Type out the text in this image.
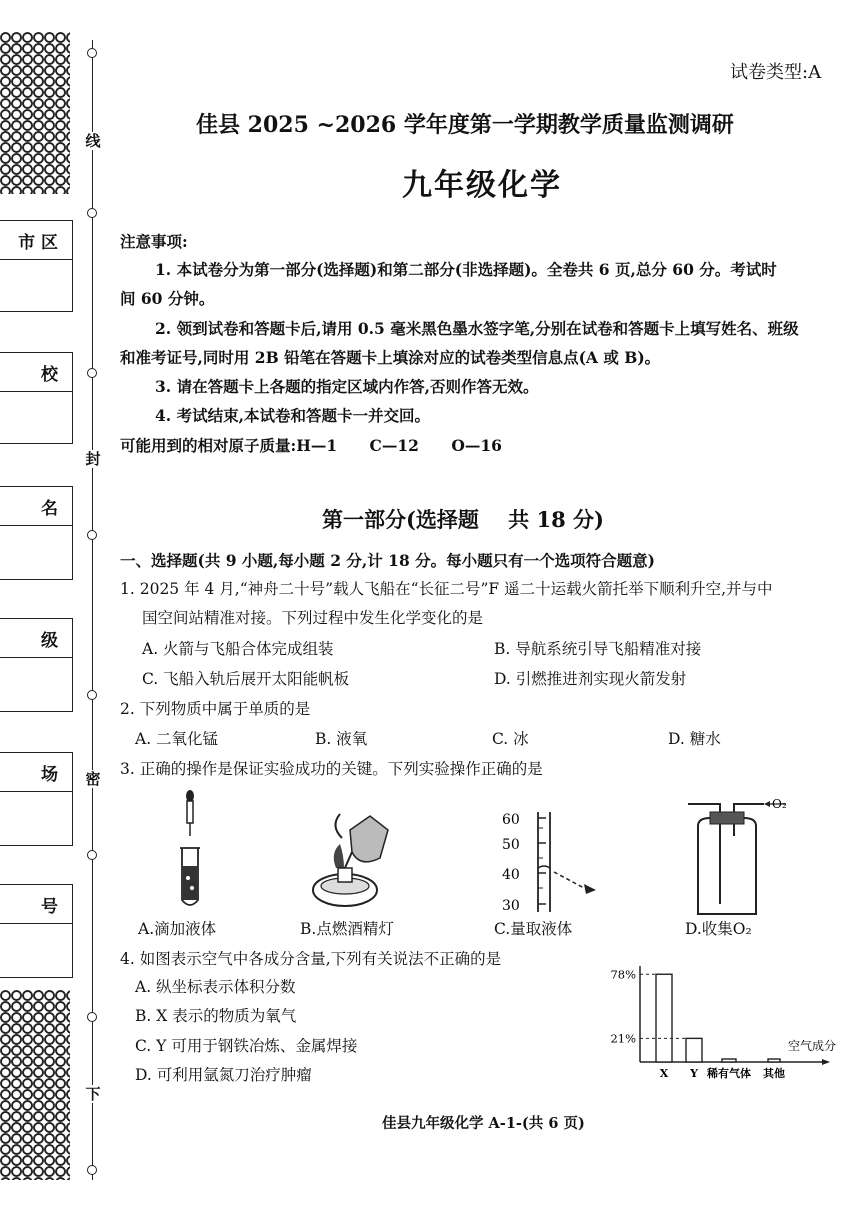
线
封
密
下
市 区
校
名
级
场
号
试卷类型:A
佳县 2025 ~2026 学年度第一学期教学质量监测调研
九年级化学
注意事项:
1. 本试卷分为第一部分(选择题)和第二部分(非选择题)。全卷共 6 页,总分 60 分。考试时
间 60 分钟。
2. 领到试卷和答题卡后,请用 0.5 毫米黑色墨水签字笔,分别在试卷和答题卡上填写姓名、班级
和准考证号,同时用 2B 铅笔在答题卡上填涂对应的试卷类型信息点(A 或 B)。
3. 请在答题卡上各题的指定区域内作答,否则作答无效。
4. 考试结束,本试卷和答题卡一并交回。
可能用到的相对原子质量:H—1      C—12      O—16
第一部分(选择题    共 18 分)
一、选择题(共 9 小题,每小题 2 分,计 18 分。每小题只有一个选项符合题意)
1. 2025 年 4 月,“神舟二十号”载人飞船在“长征二号”F 遥二十运载火箭托举下顺利升空,并与中
国空间站精准对接。下列过程中发生化学变化的是
A. 火箭与飞船合体完成组装	B. 导航系统引导飞船精准对接
C. 飞船入轨后展开太阳能帆板	D. 引燃推进剂实现火箭发射
2. 下列物质中属于单质的是
A. 二氧化锰	B. 液氧	C. 冰	D. 糖水
3. 正确的操作是保证实验成功的关键。下列实验操作正确的是
60
50
40
30
O₂
A.滴加液体	B.点燃酒精灯	C.量取液体	D.收集O₂
4. 如图表示空气中各成分含量,下列有关说法不正确的是
A. 纵坐标表示体积分数
B. X 表示的物质为氧气
C. Y 可用于钢铁冶炼、金属焊接
D. 可利用氩氮刀治疗肿瘤	X Y 稀有气体 其他
78%
21%
空气成分
佳县九年级化学 A-1-(共 6 页)
